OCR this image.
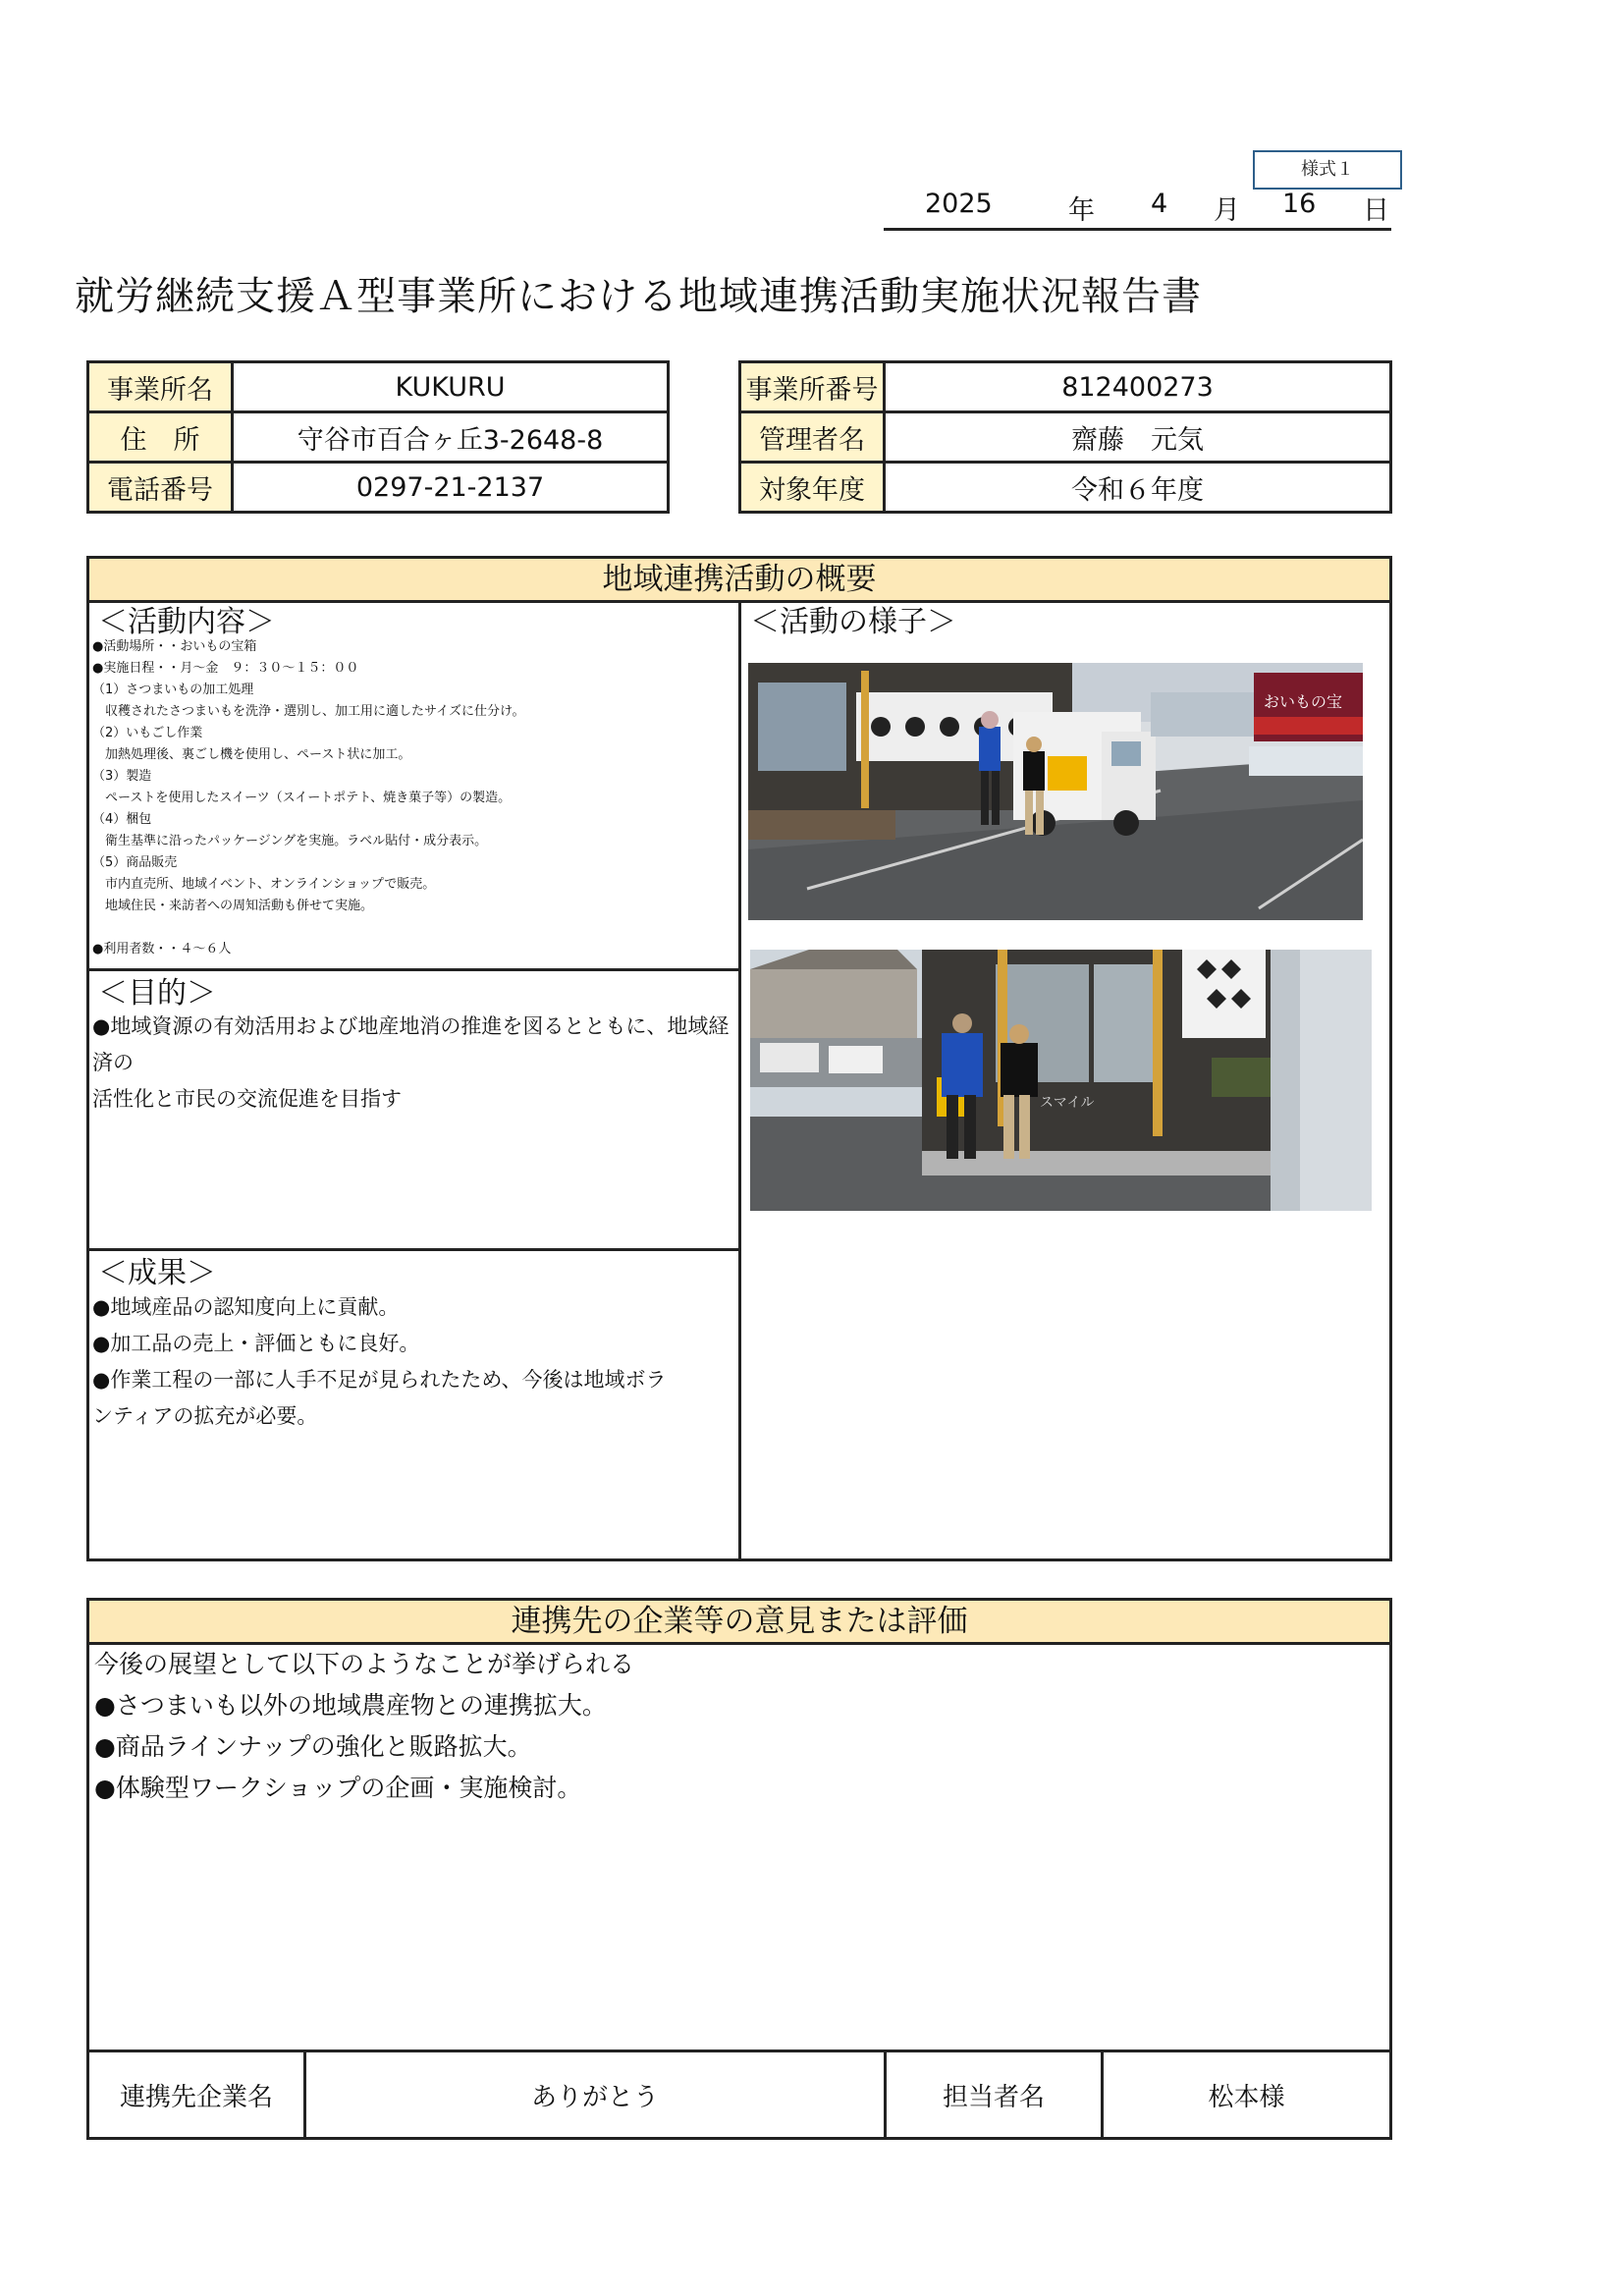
様式１
2025	年 4 月 16 日
就労継続支援Ａ型事業所における地域連携活動実施状況報告書
事業所名	KUKURU
住　所	守谷市百合ヶ丘3-2648-8
電話番号	0297-21-2137
事業所番号	812400273
管理者名	齋藤　元気
対象年度	令和６年度
地域連携活動の概要
＜活動内容＞
●活動場所・・おいもの宝箱
●実施日程・・月～金　９：３０～１５：００
（1）さつまいもの加工処理
　収穫されたさつまいもを洗浄・選別し、加工用に適したサイズに仕分け。
（2）いもごし作業
　加熱処理後、裏ごし機を使用し、ペースト状に加工。
（3）製造
　ペーストを使用したスイーツ（スイートポテト、焼き菓子等）の製造。
（4）梱包
　衛生基準に沿ったパッケージングを実施。ラベル貼付・成分表示。
（5）商品販売
　市内直売所、地域イベント、オンラインショップで販売。
　地域住民・来訪者への周知活動も併せて実施。
●利用者数・・４～６人
＜目的＞
●地域資源の有効活用および地産地消の推進を図るとともに、地域経済の
活性化と市民の交流促進を目指す
＜成果＞
●地域産品の認知度向上に貢献。
●加工品の売上・評価ともに良好。
●作業工程の一部に人手不足が見られたため、今後は地域ボラ
ンティアの拡充が必要。
＜活動の様子＞
おいもの宝
スマイル
連携先の企業等の意見または評価
今後の展望として以下のようなことが挙げられる
●さつまいも以外の地域農産物との連携拡大。
●商品ラインナップの強化と販路拡大。
●体験型ワークショップの企画・実施検討。
連携先企業名	ありがとう	担当者名	松本様
